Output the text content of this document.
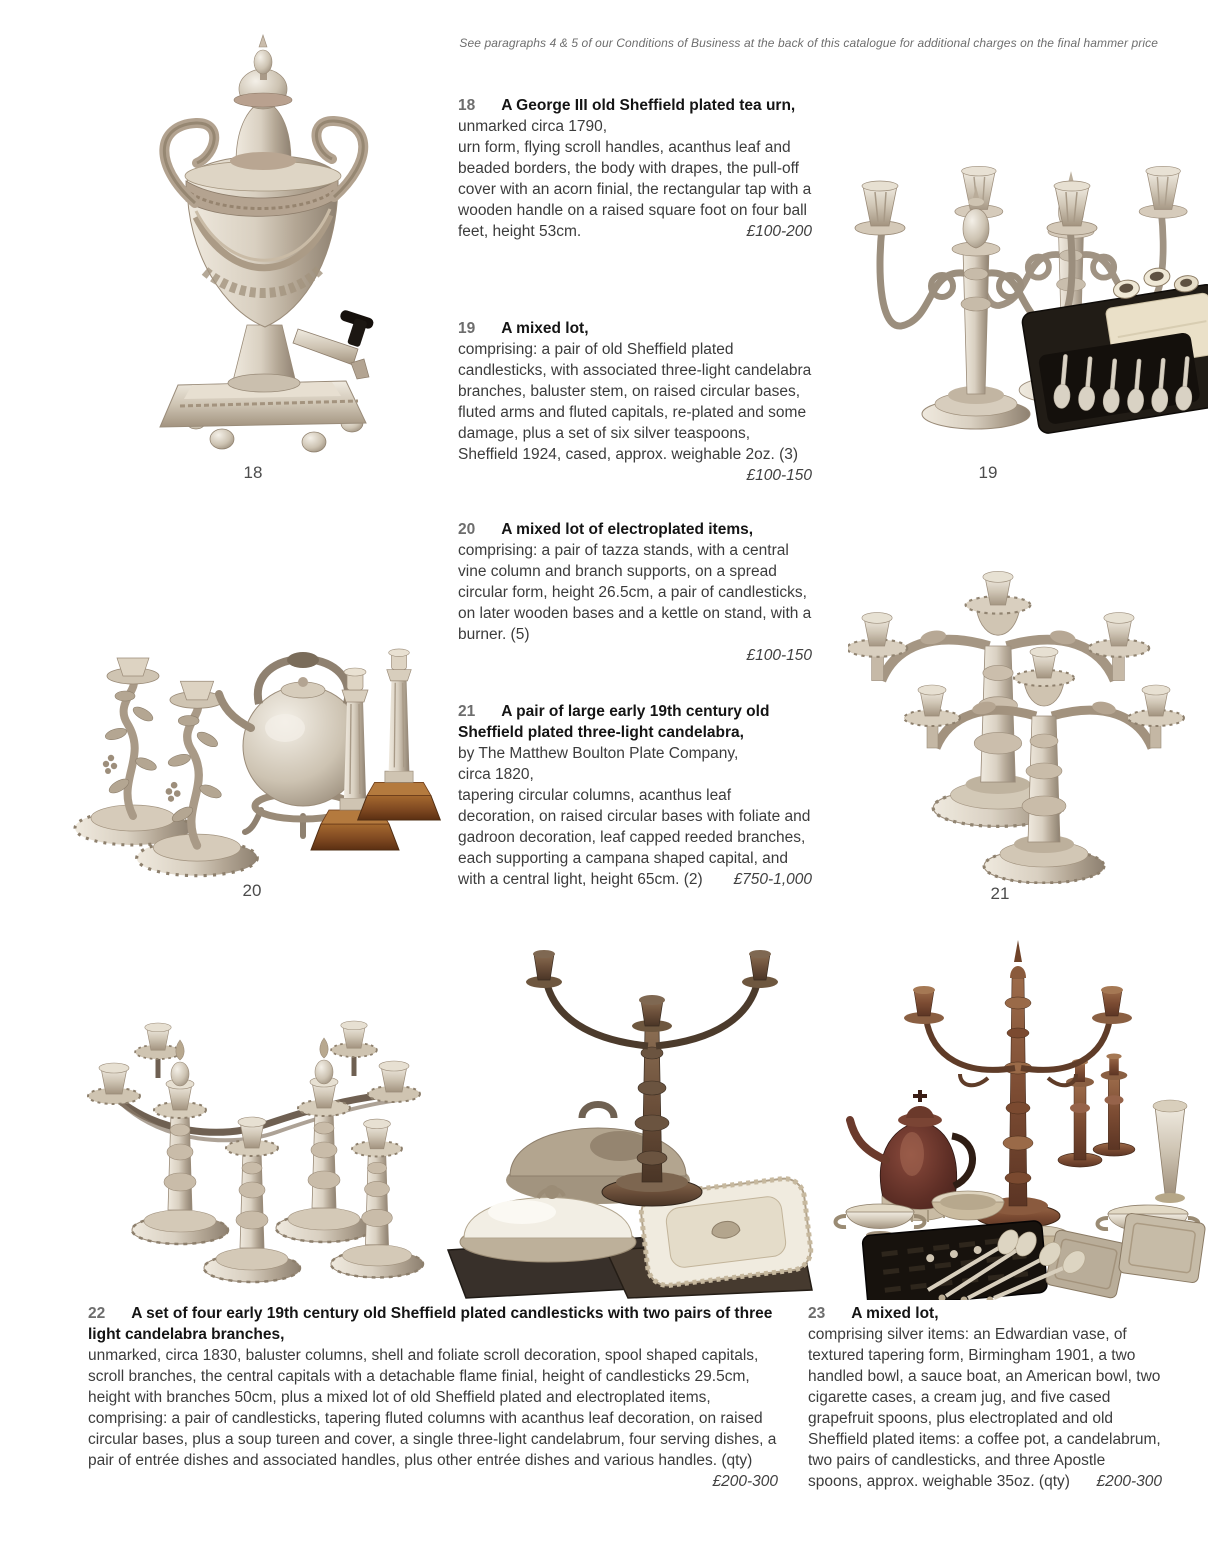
See paragraphs 4 & 5 of our Conditions of Business at the back of this catalogue for additional charges on the final hammer price
18	19
20	21
18 A George III old Sheffield plated tea urn,
unmarked circa 1790,
urn form, flying scroll handles, acanthus leaf and beaded borders, the body with drapes, the pull-off cover with an acorn finial, the rectangular tap with a wooden handle on a raised square foot on four ball feet, height 53cm.	£100-200
19 A mixed lot,
comprising: a pair of old Sheffield plated candlesticks, with associated three-light candelabra branches, baluster stem, on raised circular bases, fluted arms and fluted capitals, re-plated and some damage, plus a set of six silver teaspoons, Sheffield 1924, cased, approx. weighable 2oz. (3)
£100-150
20 A mixed lot of electroplated items,
comprising: a pair of tazza stands, with a central vine column and branch supports, on a spread circular form, height 26.5cm, a pair of candlesticks, on later wooden bases and a kettle on stand, with a burner. (5)
£100-150
21 A pair of large early 19th century old Sheffield plated three-light candelabra,
by The Matthew Boulton Plate Company,
circa 1820,
tapering circular columns, acanthus leaf decoration, on raised circular bases with foliate and gadroon decoration, leaf capped reeded branches, each supporting a campana shaped capital, and with a central light, height 65cm. (2) £750-1,000
22 A set of four early 19th century old Sheffield plated candlesticks with two pairs of three light candelabra branches,
unmarked, circa 1830, baluster columns, shell and foliate scroll decoration, spool shaped capitals, scroll branches, the central capitals with a detachable flame finial, height of candlesticks 29.5cm, height with branches 50cm, plus a mixed lot of old Sheffield plated and electroplated items, comprising: a pair of candlesticks, tapering fluted columns with acanthus leaf decoration, on raised circular bases, plus a soup tureen and cover, a single three-light candelabrum, four serving dishes, a pair of entrée dishes and associated handles, plus other entrée dishes and various handles. (qty)
£200-300
23 A mixed lot,
comprising silver items: an Edwardian vase, of textured tapering form, Birmingham 1901, a two handled bowl, a sauce boat, an American bowl, two cigarette cases, a cream jug, and five cased grapefruit spoons, plus electroplated and old Sheffield plated items: a coffee pot, a candelabrum, two pairs of candlesticks, and three Apostle spoons, approx. weighable 35oz. (qty) £200-300
